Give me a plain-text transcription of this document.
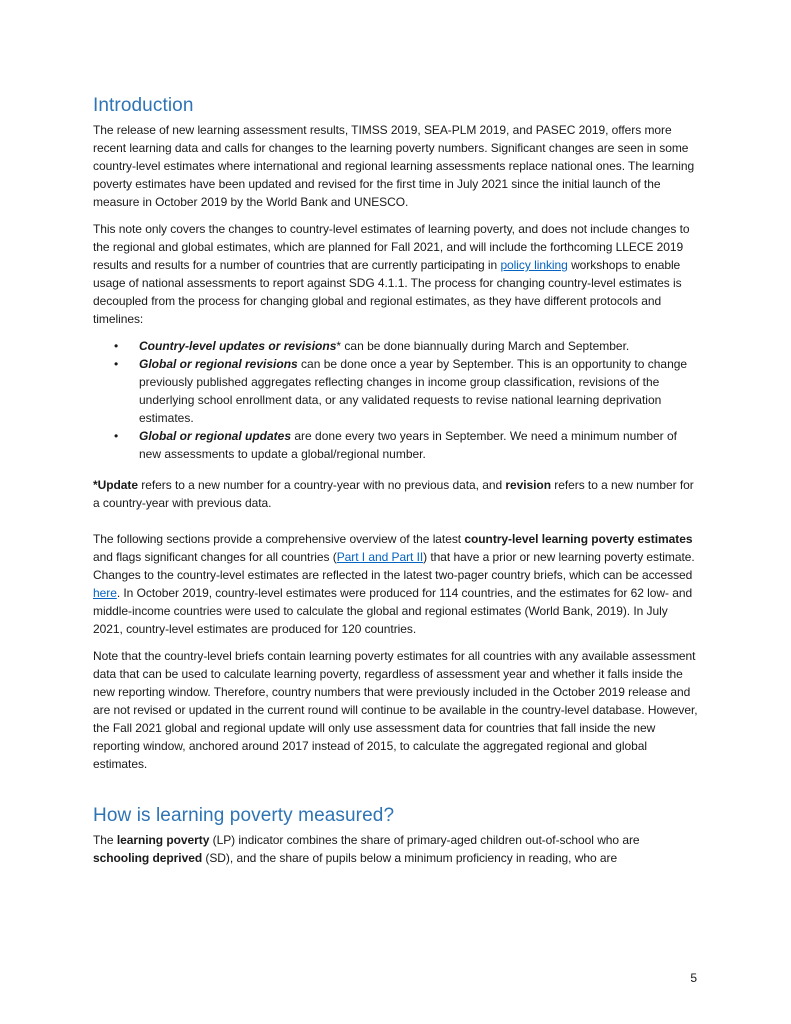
Introduction

The release of new learning assessment results, TIMSS 2019, SEA-PLM 2019, and PASEC 2019, offers more recent learning data and calls for changes to the learning poverty numbers. Significant changes are seen in some country-level estimates where international and regional learning assessments replace national ones. The learning poverty estimates have been updated and revised for the first time in July 2021 since the initial launch of the measure in October 2019 by the World Bank and UNESCO.

This note only covers the changes to country-level estimates of learning poverty, and does not include changes to the regional and global estimates, which are planned for Fall 2021, and will include the forthcoming LLECE 2019 results and results for a number of countries that are currently participating in policy linking workshops to enable usage of national assessments to report against SDG 4.1.1. The process for changing country-level estimates is decoupled from the process for changing global and regional estimates, as they have different protocols and timelines:

• Country-level updates or revisions* can be done biannually during March and September.
• Global or regional revisions can be done once a year by September. This is an opportunity to change previously published aggregates reflecting changes in income group classification, revisions of the underlying school enrollment data, or any validated requests to revise national learning deprivation estimates.
• Global or regional updates are done every two years in September. We need a minimum number of new assessments to update a global/regional number.

*Update refers to a new number for a country-year with no previous data, and revision refers to a new number for a country-year with previous data.

The following sections provide a comprehensive overview of the latest country-level learning poverty estimates and flags significant changes for all countries (Part I and Part II) that have a prior or new learning poverty estimate. Changes to the country-level estimates are reflected in the latest two-pager country briefs, which can be accessed here. In October 2019, country-level estimates were produced for 114 countries, and the estimates for 62 low- and middle-income countries were used to calculate the global and regional estimates (World Bank, 2019). In July 2021, country-level estimates are produced for 120 countries.

Note that the country-level briefs contain learning poverty estimates for all countries with any available assessment data that can be used to calculate learning poverty, regardless of assessment year and whether it falls inside the new reporting window. Therefore, country numbers that were previously included in the October 2019 release and are not revised or updated in the current round will continue to be available in the country-level database. However, the Fall 2021 global and regional update will only use assessment data for countries that fall inside the new reporting window, anchored around 2017 instead of 2015, to calculate the aggregated regional and global estimates.

How is learning poverty measured?

The learning poverty (LP) indicator combines the share of primary-aged children out-of-school who are schooling deprived (SD), and the share of pupils below a minimum proficiency in reading, who are

5
